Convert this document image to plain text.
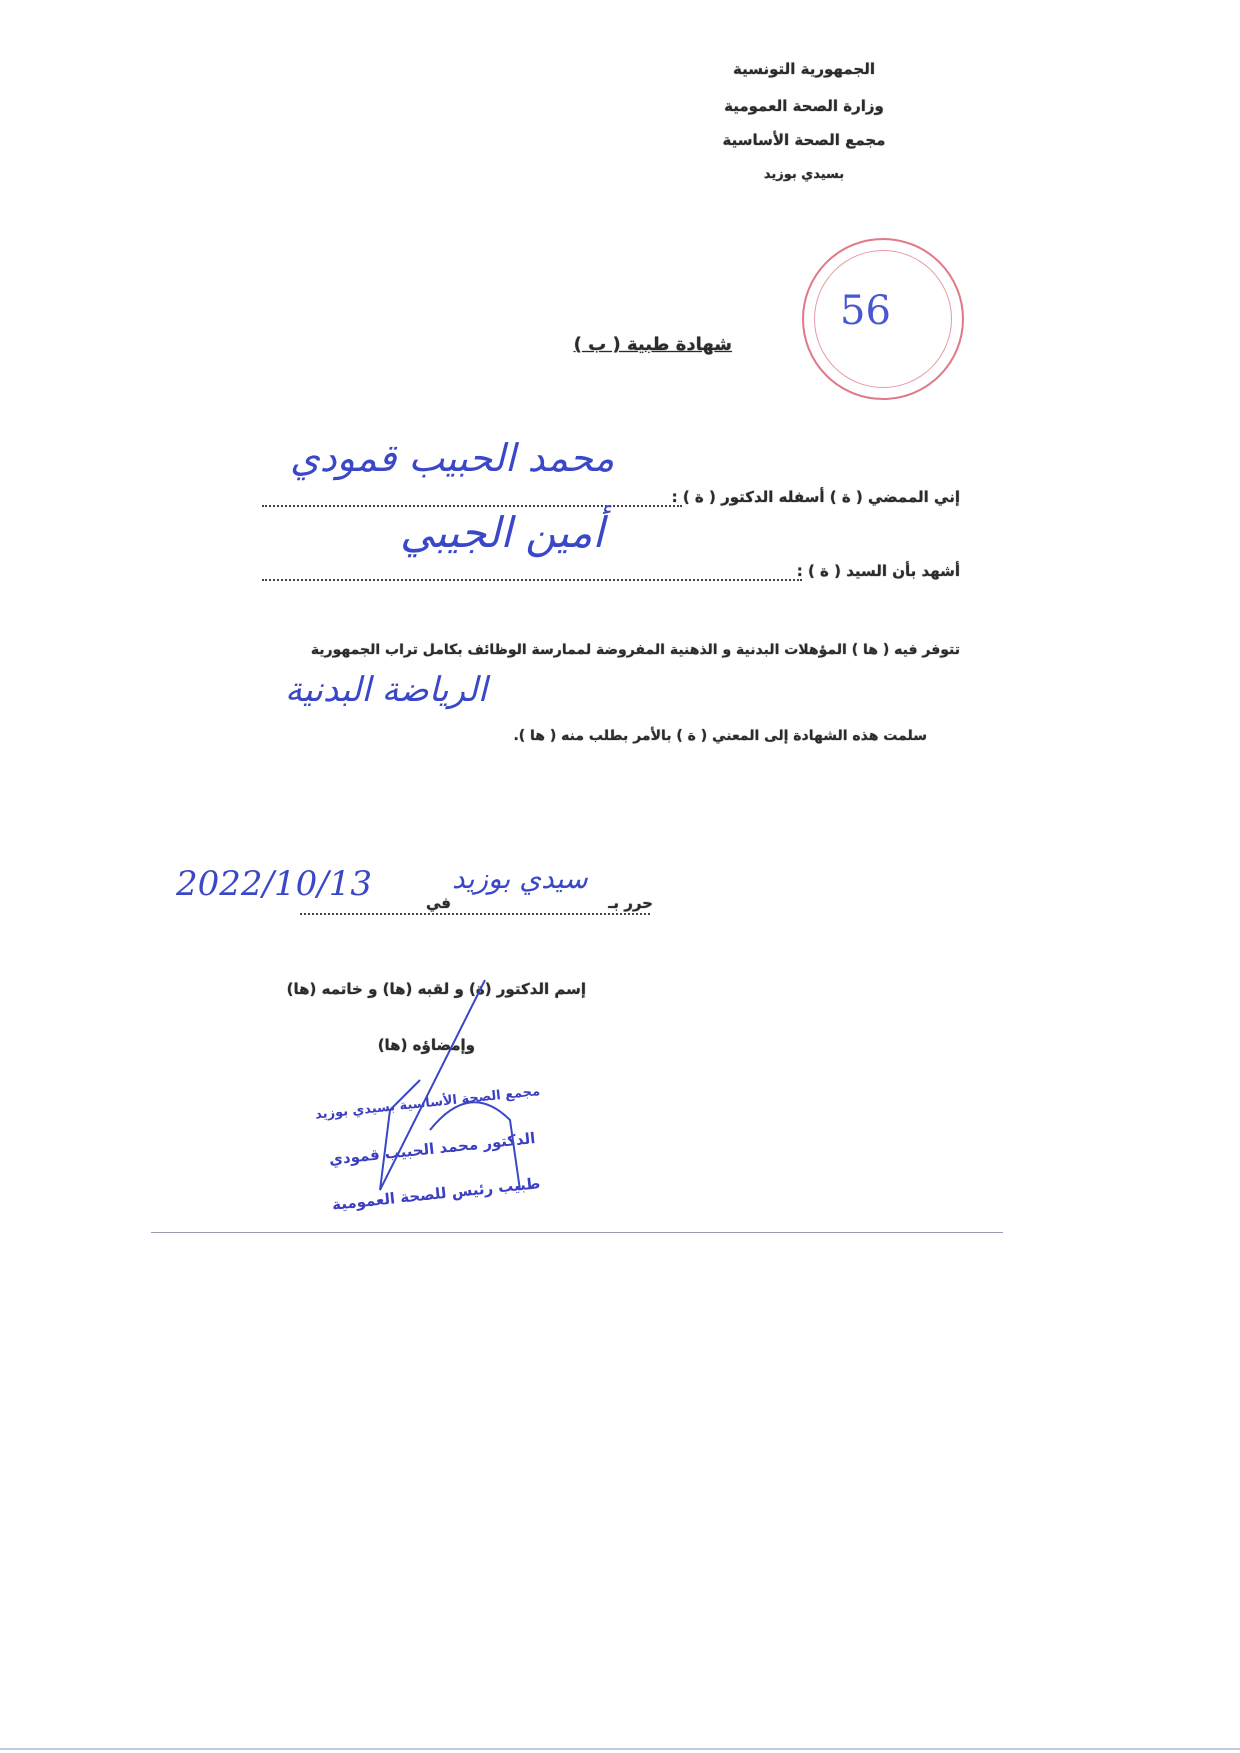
الجمهورية التونسية
وزارة الصحة العمومية
مجمع الصحة الأساسية
بسيدي بوزيد
56
شهادة طبية ( ب )
إني الممضي ( ة ) أسفله الدكتور ( ة ) :
محمد الحبيب قمودي
أشهد بأن السيد ( ة ) :
أمين الجيبي
تتوفر فيه ( ها ) المؤهلات البدنية و الذهنية المفروضة لممارسة الوظائف بكامل تراب الجمهورية
الرياضة البدنية
سلمت هذه الشهادة إلى المعني ( ة ) بالأمر بطلب منه ( ها ).
حرر بـ
سيدي بوزيد
في
2022/10/13
إسم الدكتور (ة) و لقبه (ها) و خاتمه (ها)
وإمضاؤه (ها)
مجمع الصحة الأساسية بسيدي بوزيد
الدكتور محمد الحبيب قمودي
طبيب رئيس للصحة العمومية
